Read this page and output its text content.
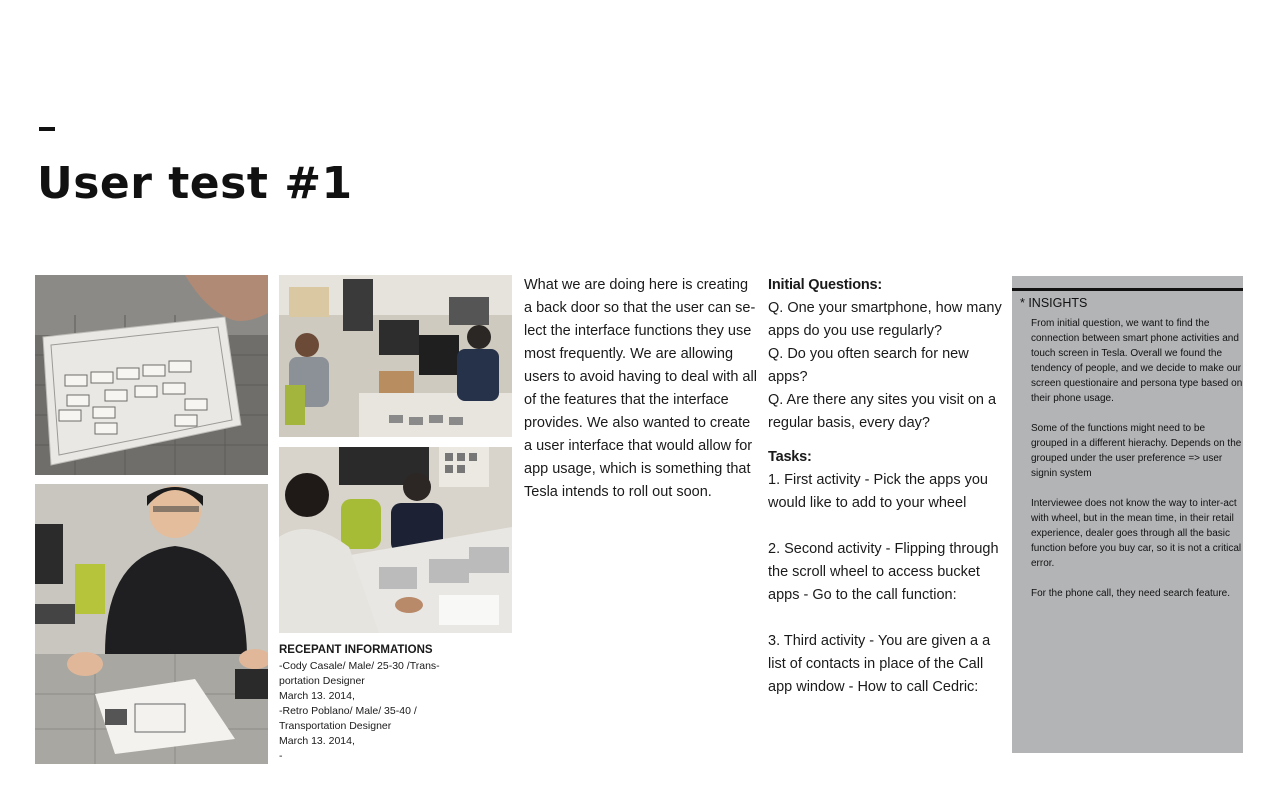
User test #1

What we are doing here is creating a back door so that the user can se-lect the interface functions they use most frequently. We are allowing users to avoid having to deal with all of the features that the interface provides. We also wanted to create a user interface that would allow for app usage, which is something that Tesla intends to roll out soon.

Initial Questions:

Q. One your smartphone, how many apps do you use regularly?

Q. Do you often search for new apps?

Q. Are there any sites you visit on a regular basis, every day?

Tasks:

1. First activity - Pick the apps you would like to add to your wheel

2. Second activity - Flipping through the scroll wheel to access bucket apps - Go to the call function:

3. Third activity - You are given a a list of contacts in place of the Call app window - How to call Cedric:

RECEPANT INFORMATIONS
-Cody Casale/ Male/ 25-30 /Trans-
portation Designer
March 13. 2014,
-Retro Poblano/ Male/ 35-40 /
Transportation Designer
March 13. 2014,
-
* INSIGHTS

From initial question, we want to find the connection between smart phone activities and touch screen in Tesla. Overall we found the tendency of people, and we decide to make our screen questionaire and persona type based on their phone usage.

Some of the functions might need to be grouped in a different hierachy. Depends on the grouped under the user preference => user signin system

Interviewee does not know the way to inter-act with wheel, but in the mean time, in their retail experience, dealer goes through all the basic function before you buy car, so it is not a critical error.

For the phone call, they need search feature.
